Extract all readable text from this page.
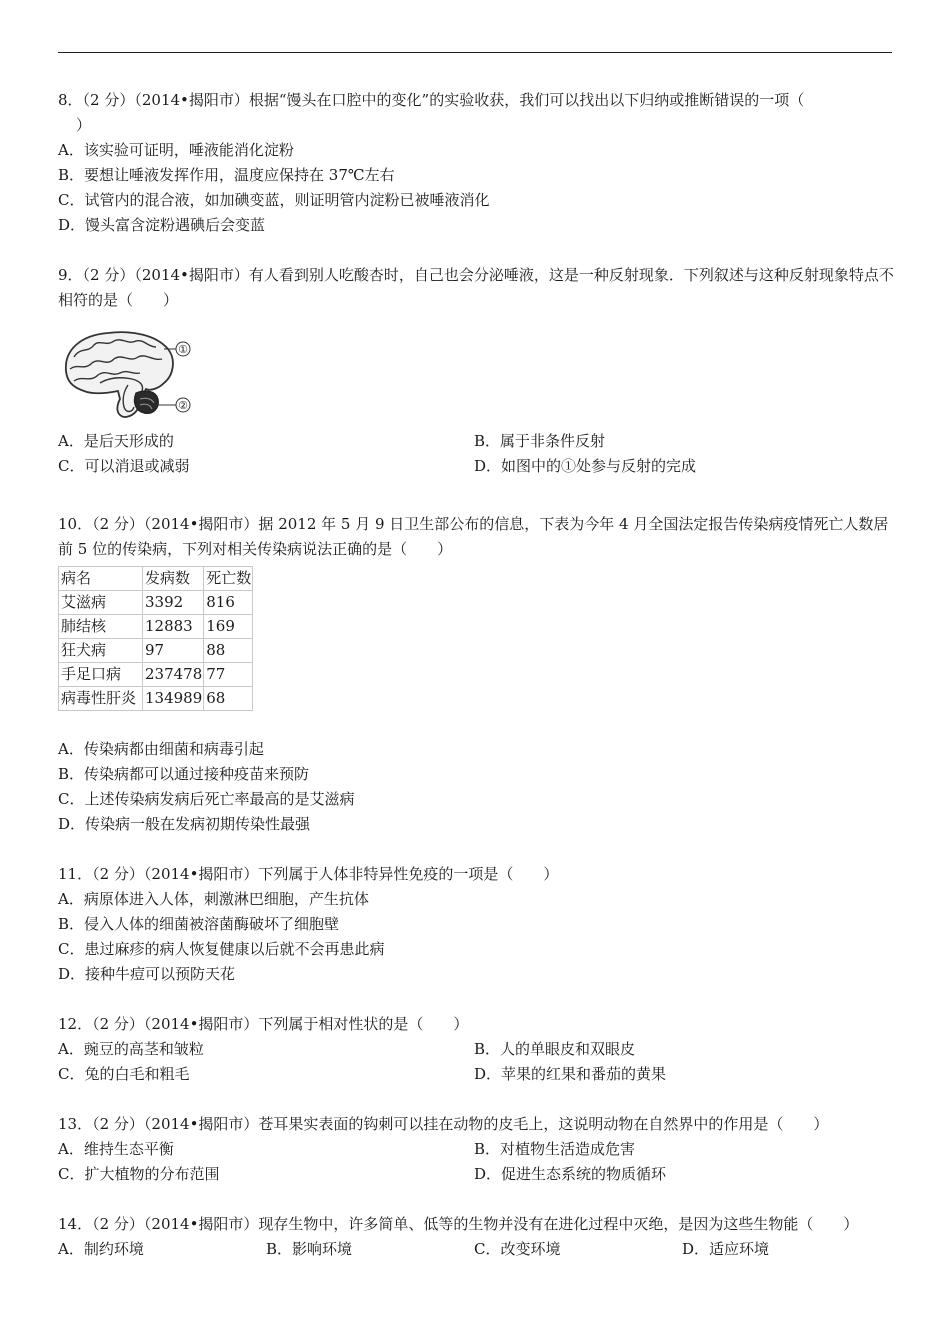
8．（2 分）（2014•揭阳市）根据“馒头在口腔中的变化”的实验收获，我们可以找出以下归纳或推断错误的一项（

）

A．该实验可证明，唾液能消化淀粉

B．要想让唾液发挥作用，温度应保持在 37℃左右

C．试管内的混合液，如加碘变蓝，则证明管内淀粉已被唾液消化

D．馒头富含淀粉遇碘后会变蓝

9．（2 分）（2014•揭阳市）有人看到别人吃酸杏时，自己也会分泌唾液，这是一种反射现象．下列叙述与这种反射现象特点不相符的是（　　）

①
②
A．是后天形成的	B．属于非条件反射
C．可以消退或减弱	D．如图中的①处参与反射的完成

10．（2 分）（2014•揭阳市）据 2012 年 5 月 9 日卫生部公布的信息，下表为今年 4 月全国法定报告传染病疫情死亡人数居前 5 位的传染病，下列对相关传染病说法正确的是（　　）

病名	发病数	死亡数
艾滋病	3392	816
肺结核	12883	169
狂犬病	97	88
手足口病	237478	77
病毒性肝炎	134989	68

A．传染病都由细菌和病毒引起

B．传染病都可以通过接种疫苗来预防

C．上述传染病发病后死亡率最高的是艾滋病

D．传染病一般在发病初期传染性最强

11．（2 分）（2014•揭阳市）下列属于人体非特异性免疫的一项是（　　）

A．病原体进入人体，刺激淋巴细胞，产生抗体

B．侵入人体的细菌被溶菌酶破坏了细胞壁

C．患过麻疹的病人恢复健康以后就不会再患此病

D．接种牛痘可以预防天花

12．（2 分）（2014•揭阳市）下列属于相对性状的是（　　）

A．豌豆的高茎和皱粒	B．人的单眼皮和双眼皮
C．兔的白毛和粗毛	D．苹果的红果和番茄的黄果

13．（2 分）（2014•揭阳市）苍耳果实表面的钩刺可以挂在动物的皮毛上，这说明动物在自然界中的作用是（　　）

A．维持生态平衡	B．对植物生活造成危害
C．扩大植物的分布范围	D．促进生态系统的物质循环

14．（2 分）（2014•揭阳市）现存生物中，许多简单、低等的生物并没有在进化过程中灭绝，是因为这些生物能（　　）

A．制约环境	B．影响环境	C．改变环境	D．适应环境
